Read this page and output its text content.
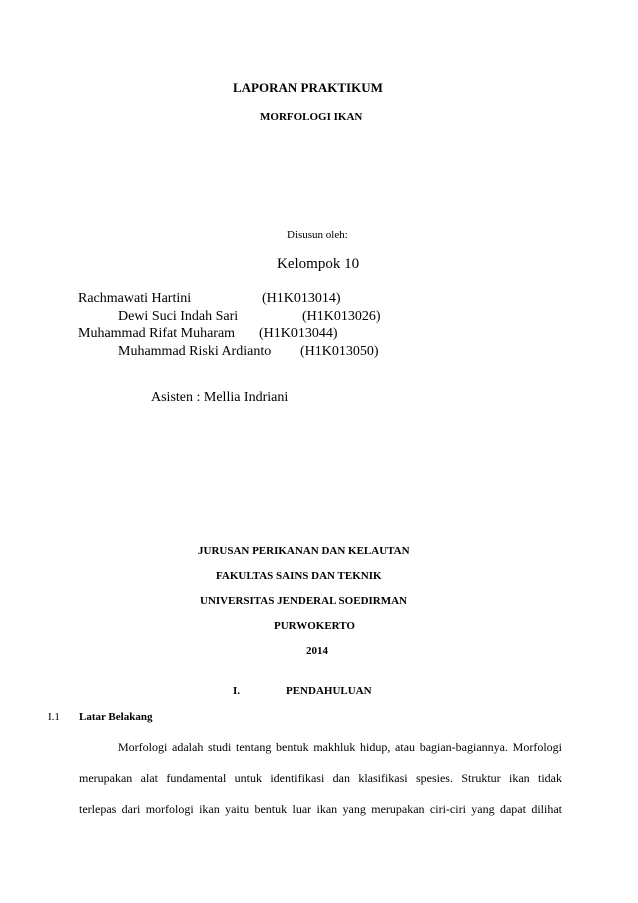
LAPORAN PRAKTIKUM
MORFOLOGI IKAN
Disusun oleh:
Kelompok 10
Rachmawati Hartini	(H1K013014)
Dewi Suci Indah Sari	(H1K013026)
Muhammad Rifat Muharam (H1K013044)
Muhammad Riski Ardianto (H1K013050)
Asisten : Mellia Indriani
JURUSAN PERIKANAN DAN KELAUTAN
FAKULTAS SAINS DAN TEKNIK
UNIVERSITAS JENDERAL SOEDIRMAN
PURWOKERTO
2014
I.	PENDAHULUAN
I.1 Latar Belakang
Morfologi adalah studi tentang bentuk makhluk hidup, atau bagian-bagiannya. Morfologi
merupakan alat fundamental untuk identifikasi dan klasifikasi spesies. Struktur ikan tidak
terlepas dari morfologi ikan yaitu bentuk luar ikan yang merupakan ciri-ciri yang dapat dilihat
